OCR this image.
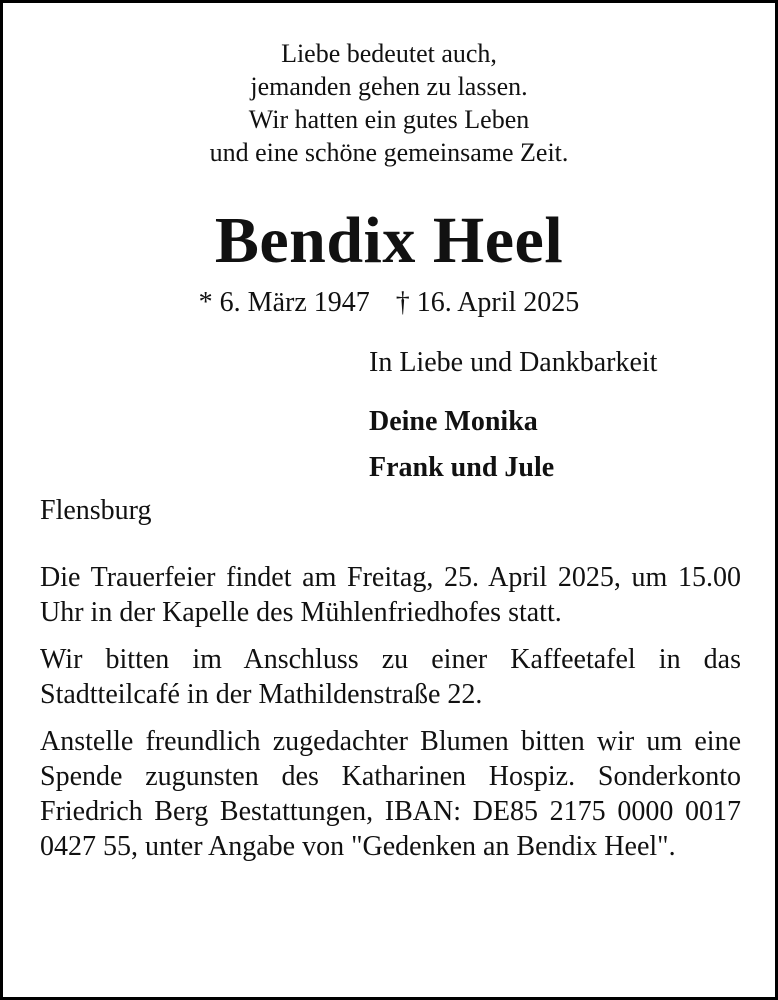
Liebe bedeutet auch,
jemanden gehen zu lassen.
Wir hatten ein gutes Leben
und eine schöne gemeinsame Zeit.
Bendix Heel
* 6. März 1947 † 16. April 2025
In Liebe und Dankbarkeit
Deine Monika
Frank und Jule
Flensburg

Die Trauerfeier findet am Freitag, 25. April 2025, um 15.00 Uhr in der Kapelle des Mühlenfriedhofes statt.

Wir bitten im Anschluss zu einer Kaffeetafel in das Stadtteilcafé in der Mathildenstraße 22.

Anstelle freundlich zugedachter Blumen bitten wir um eine Spende zugunsten des Katharinen Hospiz. Sonderkonto Friedrich Berg Bestattungen, IBAN: DE85 2175 0000 0017 0427 55, unter Angabe von "Gedenken an Bendix Heel".
